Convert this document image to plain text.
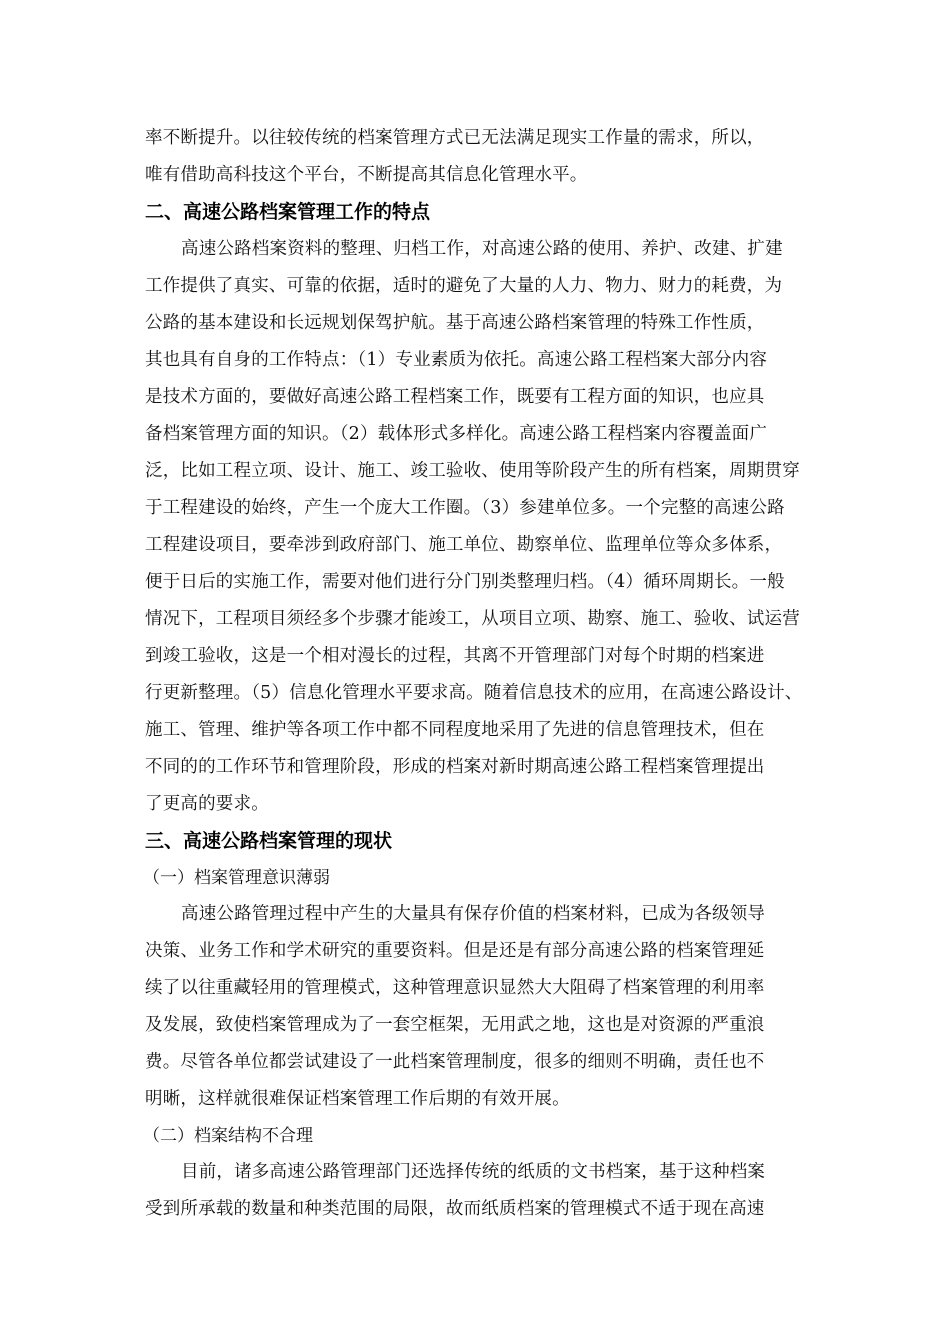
率不断提升。以往较传统的档案管理方式已无法满足现实工作量的需求，所以，
唯有借助高科技这个平台，不断提高其信息化管理水平。
二、高速公路档案管理工作的特点
高速公路档案资料的整理、归档工作，对高速公路的使用、养护、改建、扩建
工作提供了真实、可靠的依据，适时的避免了大量的人力、物力、财力的耗费，为
公路的基本建设和长远规划保驾护航。基于高速公路档案管理的特殊工作性质，
其也具有自身的工作特点：（1）专业素质为依托。高速公路工程档案大部分内容
是技术方面的，要做好高速公路工程档案工作，既要有工程方面的知识，也应具
备档案管理方面的知识。（2）载体形式多样化。高速公路工程档案内容覆盖面广
泛，比如工程立项、设计、施工、竣工验收、使用等阶段产生的所有档案，周期贯穿
于工程建设的始终，产生一个庞大工作圈。（3）参建单位多。一个完整的高速公路
工程建设项目，要牵涉到政府部门、施工单位、勘察单位、监理单位等众多体系，
便于日后的实施工作，需要对他们进行分门别类整理归档。（4）循环周期长。一般
情况下，工程项目须经多个步骤才能竣工，从项目立项、勘察、施工、验收、试运营
到竣工验收，这是一个相对漫长的过程，其离不开管理部门对每个时期的档案进
行更新整理。（5）信息化管理水平要求高。随着信息技术的应用，在高速公路设计、
施工、管理、维护等各项工作中都不同程度地采用了先进的信息管理技术，但在
不同的的工作环节和管理阶段，形成的档案对新时期高速公路工程档案管理提出
了更高的要求。
三、高速公路档案管理的现状
（一）档案管理意识薄弱
高速公路管理过程中产生的大量具有保存价值的档案材料，已成为各级领导
决策、业务工作和学术研究的重要资料。但是还是有部分高速公路的档案管理延
续了以往重藏轻用的管理模式，这种管理意识显然大大阻碍了档案管理的利用率
及发展，致使档案管理成为了一套空框架，无用武之地，这也是对资源的严重浪
费。尽管各单位都尝试建设了一此档案管理制度，很多的细则不明确，责任也不
明晰，这样就很难保证档案管理工作后期的有效开展。
（二）档案结构不合理
目前，诸多高速公路管理部门还选择传统的纸质的文书档案，基于这种档案
受到所承载的数量和种类范围的局限，故而纸质档案的管理模式不适于现在高速
